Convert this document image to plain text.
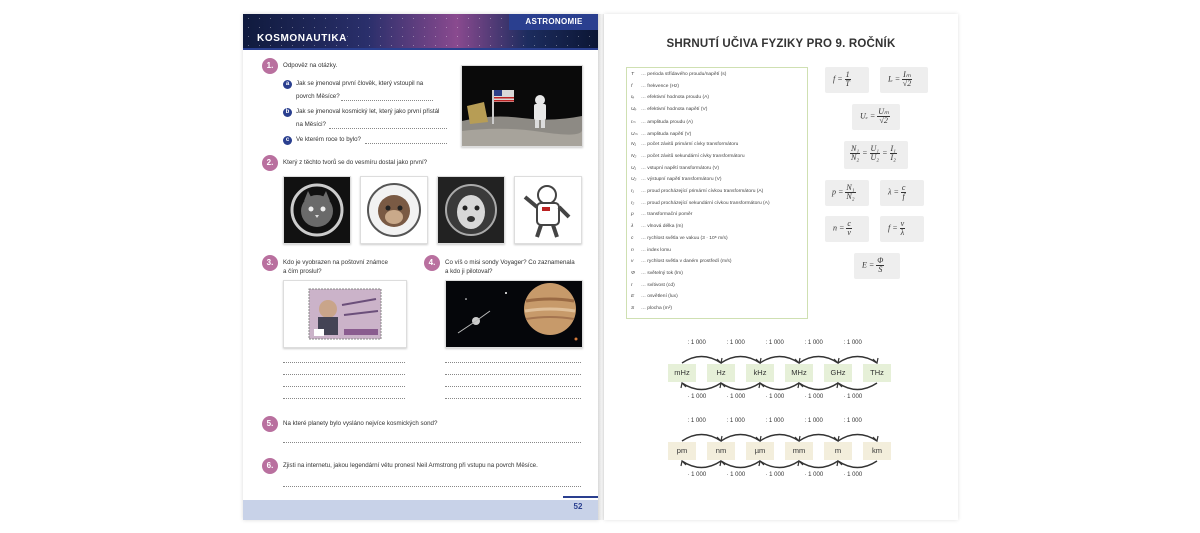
ASTRONOMIE
KOSMONAUTIKA
1.	Odpověz na otázky.
a	Jak se jmenoval první člověk, který vstoupil na
povrch Měsíce?
b	Jak se jmenoval kosmický let, který jako první přistál
na Měsíci?
c	Ve kterém roce to bylo?
2.	Který z těchto tvorů se do vesmíru dostal jako první?
3.	Kdo je vyobrazen na poštovní známce
a čím proslul?
4.	Co víš o misi sondy Voyager? Co zaznamenala
a kdo ji pilotoval?
5.	Na které planety bylo vysláno nejvíce kosmických sond?
6.	Zjisti na internetu, jakou legendární větu pronesl Neil Armstrong při vstupu na povrch Měsíce.
52
SHRNUTÍ UČIVA FYZIKY PRO 9. ROČNÍK
$f = \frac{1}{T}$	$I_e = \frac{\text{Iₘ}}{√2}$
$U_e = \frac{\text{Uₘ}}{√2}$
$\frac{\text{N₁}}{\text{N₂}} = \frac{\text{U₁}}{\text{U₂}} = \frac{\text{I₁}}{\text{I₂}}$
$p = \frac{\text{N₁}}{\text{N₂}}$	$\lambda = \frac{c}{f}$
$n = \frac{c}{v}$	$f = \frac{v}{\lambda}$
$E = \frac{\Phi}{S}$
T … perioda střídavého proudu/napětí (s)
f … frekvence (Hz)
Iₑ … efektivní hodnota proudu (A)
Uₑ … efektivní hodnota napětí (V)
Iₘ … amplituda proudu (A)
Uₘ … amplituda napětí (V)
N₁ … počet závitů primární cívky transformátoru
N₂ … počet závitů sekundární cívky transformátoru
U₁ … vstupní napětí transformátoru (V)
U₂ … výstupní napětí transformátoru (V)
I₁ … proud procházející primární cívkou transformátoru (A)
I₂ … proud procházející sekundární cívkou transformátoru (A)
p … transformační poměr
λ … vlnová délka (m)
c … rychlost světla ve vakuu (3 · 10⁸ m/s)
n … index lomu
v … rychlost světla v daném prostředí (m/s)
Φ … světelný tok (lm)
I … svítivost (cd)
E … osvětlení (lux)
S … plocha (m²)
mHz	Hz	kHz	MHz	GHz	THz
: 1 000
· 1 000
: 1 000
· 1 000
: 1 000
· 1 000
: 1 000
· 1 000
: 1 000
· 1 000
pm	nm	µm	mm	m	km
: 1 000
· 1 000
: 1 000
· 1 000
: 1 000
· 1 000
: 1 000
· 1 000
: 1 000
· 1 000
